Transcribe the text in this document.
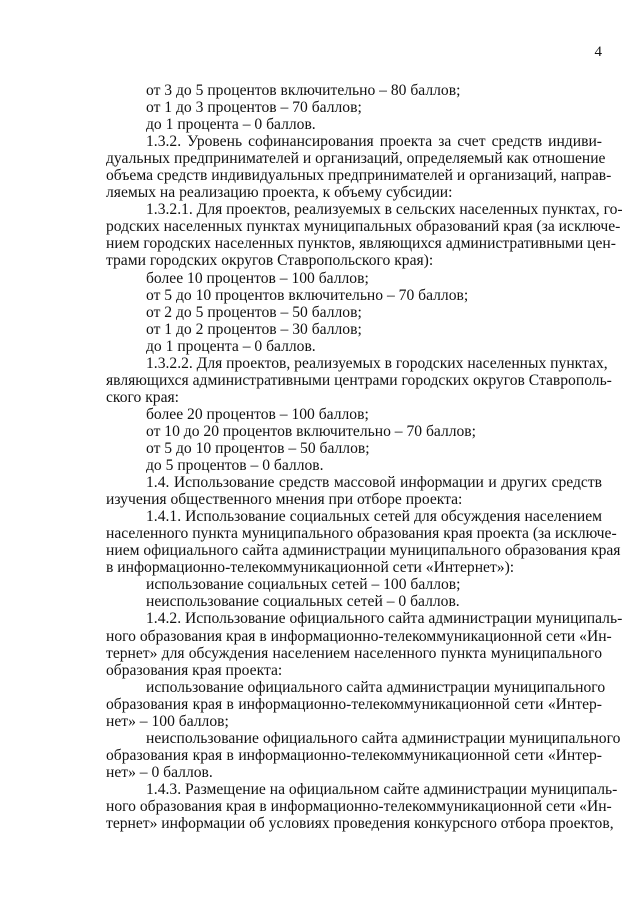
4
от 3 до 5 процентов включительно – 80 баллов;
от 1 до 3 процентов – 70 баллов;
до 1 процента – 0 баллов.
1.3.2. Уровень софинансирования проекта за счет средств индиви-
дуальных предпринимателей и организаций, определяемый как отношение
объема средств индивидуальных предпринимателей и организаций, направ-
ляемых на реализацию проекта, к объему субсидии:
1.3.2.1. Для проектов, реализуемых в сельских населенных пунктах, го-
родских населенных пунктах муниципальных образований края (за исключе-
нием городских населенных пунктов, являющихся административными цен-
трами городских округов Ставропольского края):
более 10 процентов – 100 баллов;
от 5 до 10 процентов включительно – 70 баллов;
от 2 до 5 процентов – 50 баллов;
от 1 до 2 процентов – 30 баллов;
до 1 процента – 0 баллов.
1.3.2.2. Для проектов, реализуемых в городских населенных пунктах,
являющихся административными центрами городских округов Ставрополь-
ского края:
более 20 процентов – 100 баллов;
от 10 до 20 процентов включительно – 70 баллов;
от 5 до 10 процентов – 50 баллов;
до 5 процентов – 0 баллов.
1.4. Использование средств массовой информации и других средств
изучения общественного мнения при отборе проекта:
1.4.1. Использование социальных сетей для обсуждения населением
населенного пункта муниципального образования края проекта (за исключе-
нием официального сайта администрации муниципального образования края
в информационно-телекоммуникационной сети «Интернет»):
использование социальных сетей – 100 баллов;
неиспользование социальных сетей – 0 баллов.
1.4.2. Использование официального сайта администрации муниципаль-
ного образования края в информационно-телекоммуникационной сети «Ин-
тернет» для обсуждения населением населенного пункта муниципального
образования края проекта:
использование официального сайта администрации муниципального
образования края в информационно-телекоммуникационной сети «Интер-
нет» – 100 баллов;
неиспользование официального сайта администрации муниципального
образования края в информационно-телекоммуникационной сети «Интер-
нет» – 0 баллов.
1.4.3. Размещение на официальном сайте администрации муниципаль-
ного образования края в информационно-телекоммуникационной сети «Ин-
тернет» информации об условиях проведения конкурсного отбора проектов,
